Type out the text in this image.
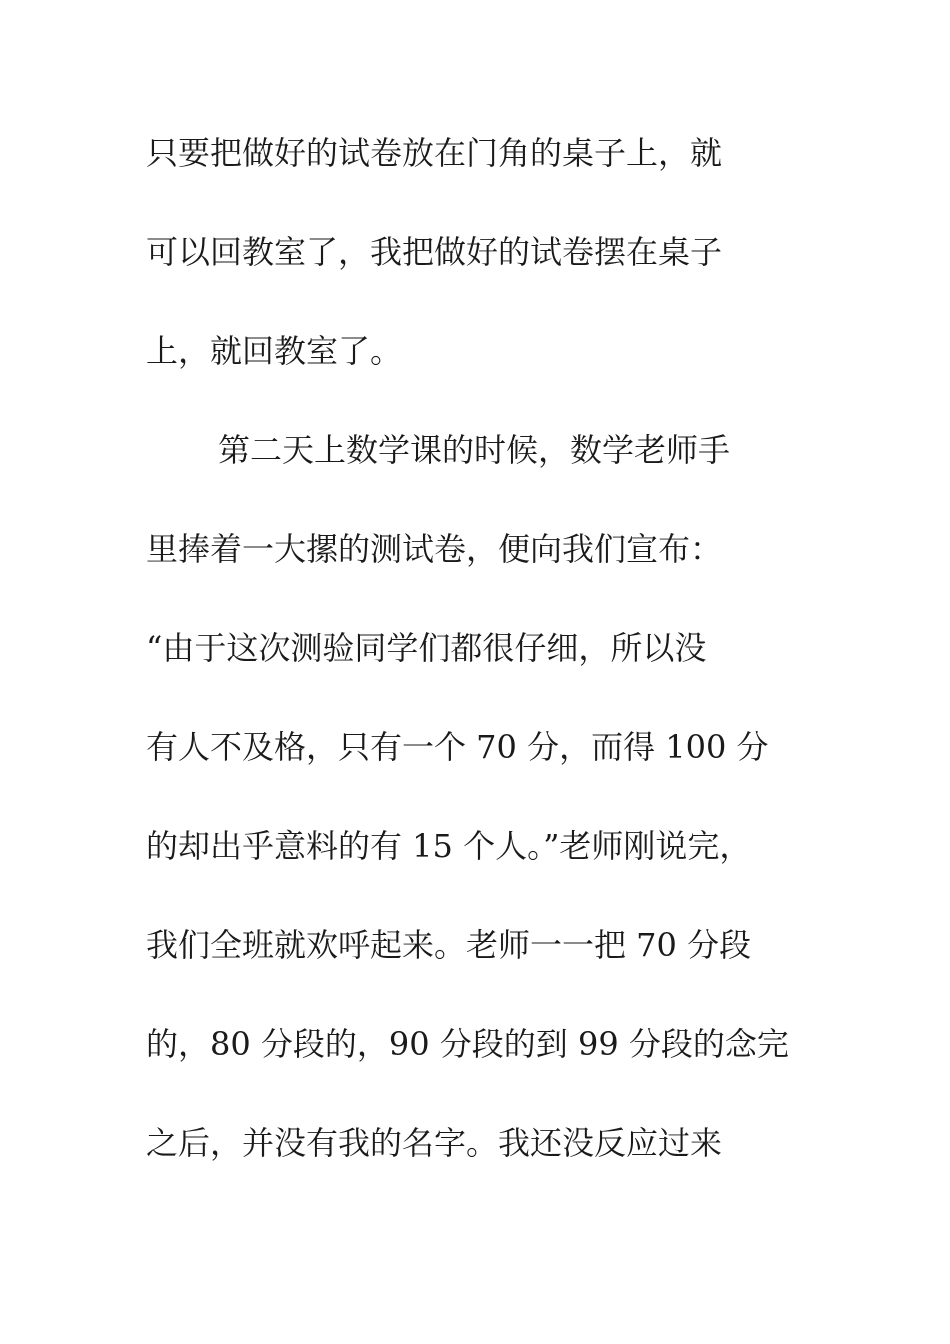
只要把做好的试卷放在门角的桌子上，就
可以回教室了，我把做好的试卷摆在桌子
上，就回教室了。
第二天上数学课的时候，数学老师手
里捧着一大摞的测试卷，便向我们宣布：
“由于这次测验同学们都很仔细，所以没
有人不及格，只有一个 70 分，而得 100 分
的却出乎意料的有 15 个人。”老师刚说完，
我们全班就欢呼起来。老师一一把 70 分段
的，80 分段的，90 分段的到 99 分段的念完
之后，并没有我的名字。我还没反应过来
